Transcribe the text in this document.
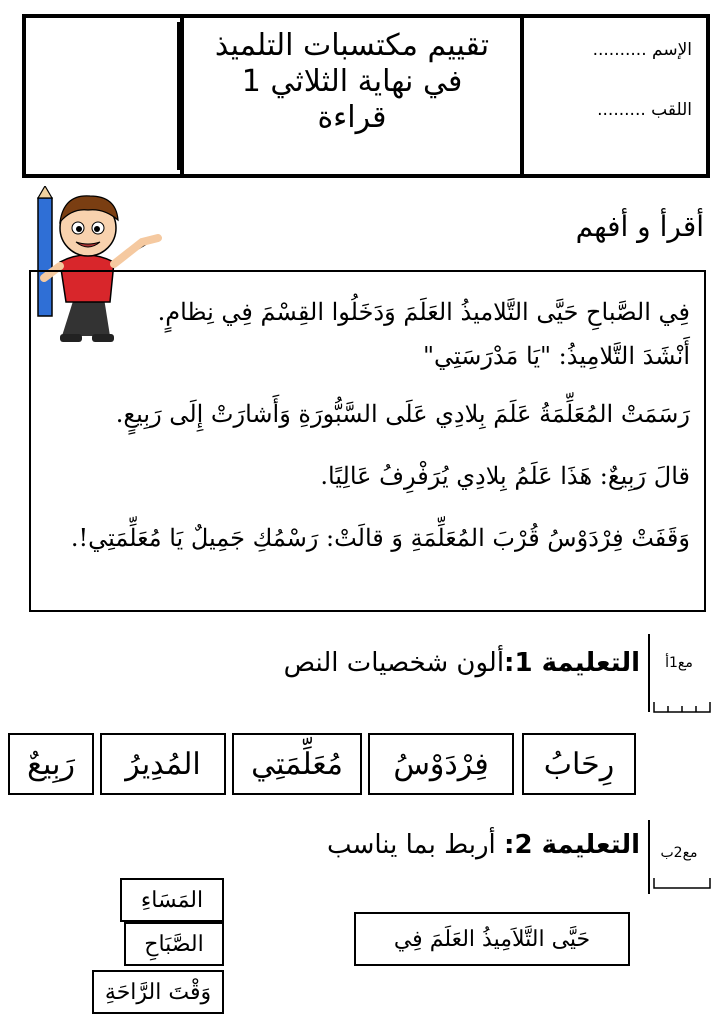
الإسم ..........
اللقب .........
تقييم مكتسبات التلميذ
في نهاية الثلاثي 1
قراءة
أقرأ و أفهم
فِي الصَّباحِ حَيَّى التَّلاميذُ العَلَمَ وَدَخَلُوا القِسْمَ فِي نِظامٍ.
أَنْشَدَ التَّلامِيذُ: "يَا مَدْرَسَتِي"
رَسَمَتْ المُعَلِّمَةُ عَلَمَ بِلادِي عَلَى السَّبُّورَةِ وَأَشارَتْ إِلَى رَبِيعٍ.
قالَ رَبِيعٌ: هَذَا عَلَمُ بِلادِي يُرَفْرِفُ عَالِيًا.
وَقَفَتْ فِرْدَوْسُ قُرْبَ المُعَلِّمَةِ وَ قالَتْ: رَسْمُكِ جَمِيلٌ يَا مُعَلِّمَتِي!.
مع1أ
التعليمة 1:ألون شخصيات النص
رِحَابُ
فِرْدَوْسُ
مُعَلِّمَتِي
المُدِيرُ
رَبِيعٌ
مع2ب
التعليمة 2: أربط بما يناسب
حَيَّى التَّلاَمِيذُ العَلَمَ فِي
المَسَاءِ
الصَّبَاحِ
وَقْتَ الرَّاحَةِ
